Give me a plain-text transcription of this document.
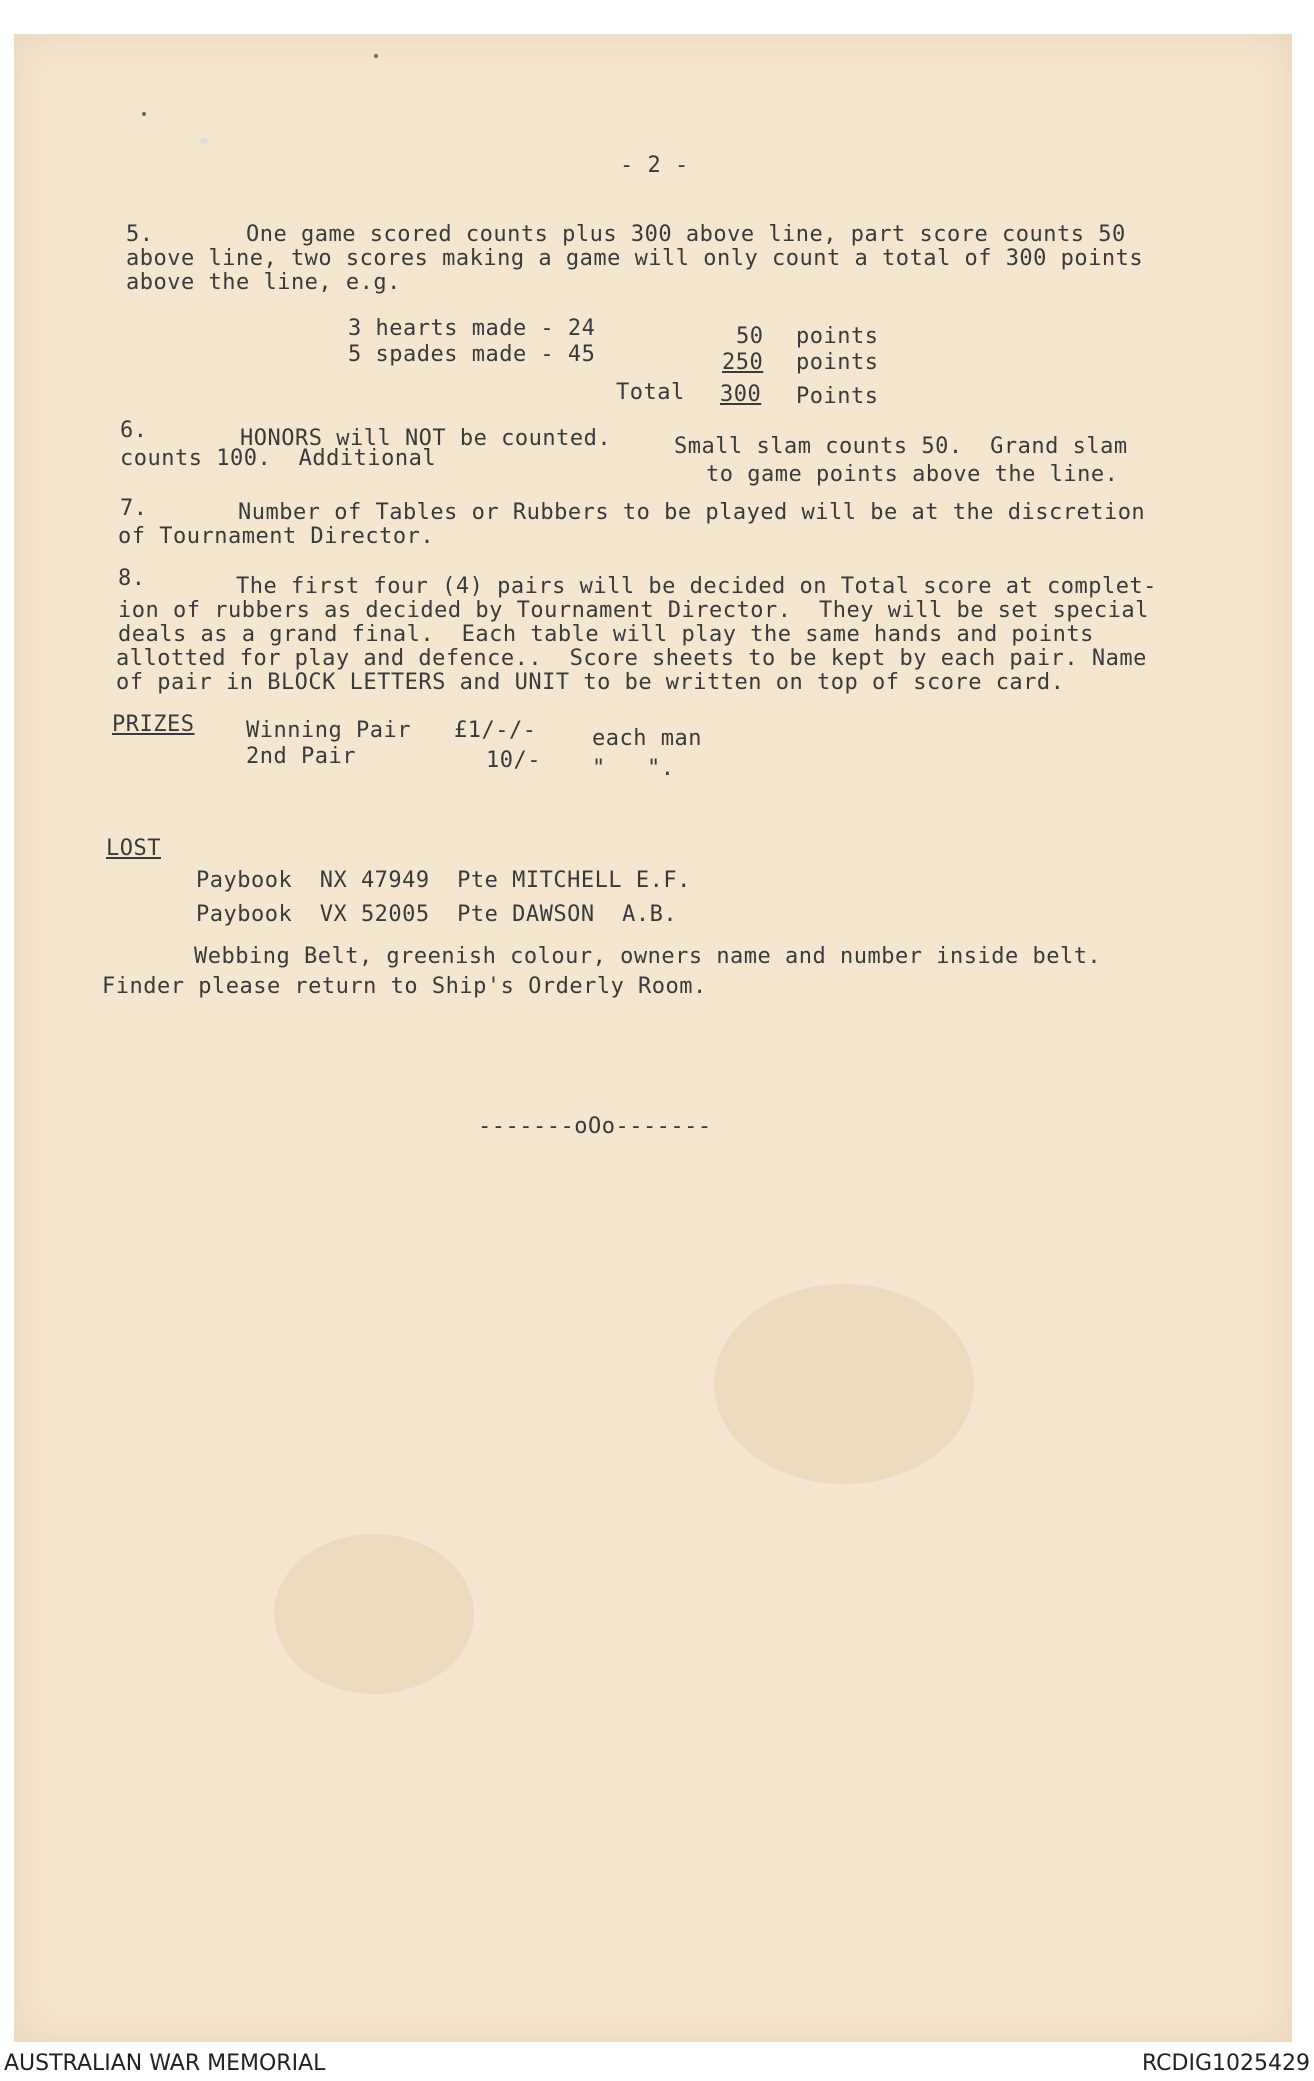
- 2 -
5.	One game scored counts plus 300 above line, part score counts 50
above line, two scores making a game will only count a total of 300 points
above the line, e.g.
3 hearts made - 24	50 points
5 spades made - 45	250 points
Total 300 Points
6.	HONORS will NOT be counted.	Small slam counts 50.  Grand slam
counts 100.  Additional
to game points above the line.
7.	Number of Tables or Rubbers to be played will be at the discretion
of Tournament Director.
8.	The first four (4) pairs will be decided on Total score at complet-
ion of rubbers as decided by Tournament Director.  They will be set special
deals as a grand final.  Each table will play the same hands and points
allotted for play and defence..  Score sheets to be kept by each pair. Name
of pair in BLOCK LETTERS and UNIT to be written on top of score card.
PRIZES Winning Pair £1/-/-	each man
2nd Pair	10/- "   ".
LOST
Paybook  NX 47949  Pte MITCHELL E.F.
Paybook  VX 52005  Pte DAWSON  A.B.
Webbing Belt, greenish colour, owners name and number inside belt.
Finder please return to Ship's Orderly Room.
-------oOo-------
AUSTRALIAN WAR MEMORIAL	RCDIG1025429
